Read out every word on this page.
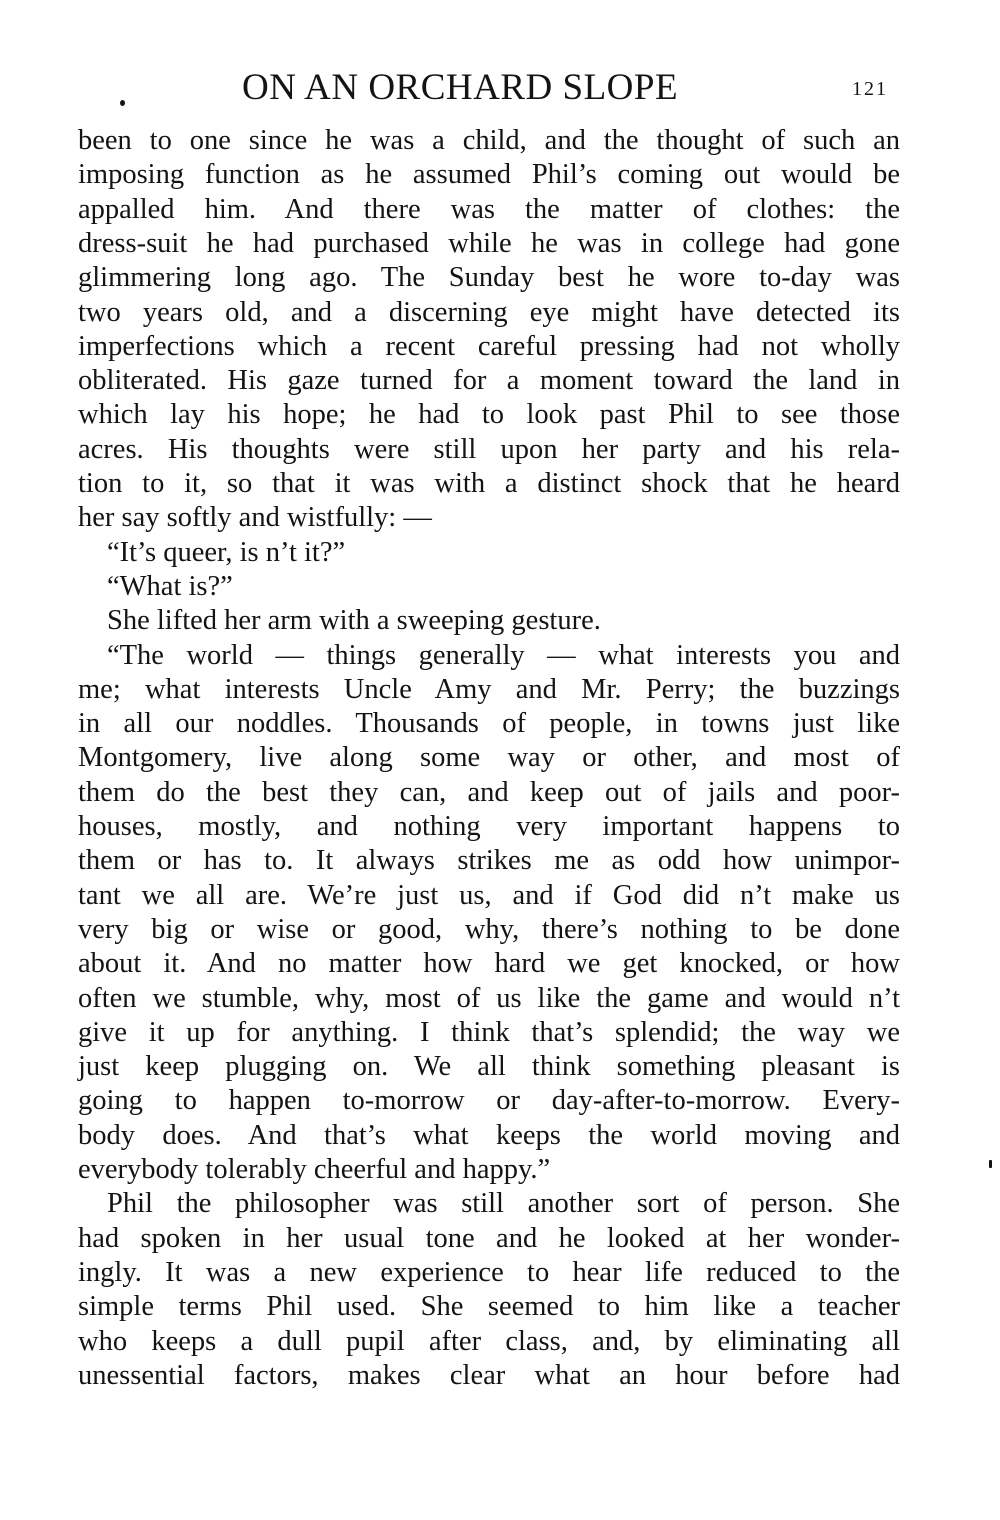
ON AN ORCHARD SLOPE	121
been to one since he was a child, and the thought of such an
imposing function as he assumed Phil’s coming out would be
appalled him. And there was the matter of clothes: the
dress-suit he had purchased while he was in college had gone
glimmering long ago. The Sunday best he wore to-day was
two years old, and a discerning eye might have detected its
imperfections which a recent careful pressing had not wholly
obliterated. His gaze turned for a moment toward the land in
which lay his hope; he had to look past Phil to see those
acres. His thoughts were still upon her party and his rela-
tion to it, so that it was with a distinct shock that he heard
her say softly and wistfully: —
“It’s queer, is n’t it?”
“What is?”
She lifted her arm with a sweeping gesture.
“The world — things generally — what interests you and
me; what interests Uncle Amy and Mr. Perry; the buzzings
in all our noddles. Thousands of people, in towns just like
Montgomery, live along some way or other, and most of
them do the best they can, and keep out of jails and poor-
houses, mostly, and nothing very important happens to
them or has to. It always strikes me as odd how unimpor-
tant we all are. We’re just us, and if God did n’t make us
very big or wise or good, why, there’s nothing to be done
about it. And no matter how hard we get knocked, or how
often we stumble, why, most of us like the game and would n’t
give it up for anything. I think that’s splendid; the way we
just keep plugging on. We all think something pleasant is
going to happen to-morrow or day-after-to-morrow. Every-
body does. And that’s what keeps the world moving and
everybody tolerably cheerful and happy.”
Phil the philosopher was still another sort of person. She
had spoken in her usual tone and he looked at her wonder-
ingly. It was a new experience to hear life reduced to the
simple terms Phil used. She seemed to him like a teacher
who keeps a dull pupil after class, and, by eliminating all
unessential factors, makes clear what an hour before had
